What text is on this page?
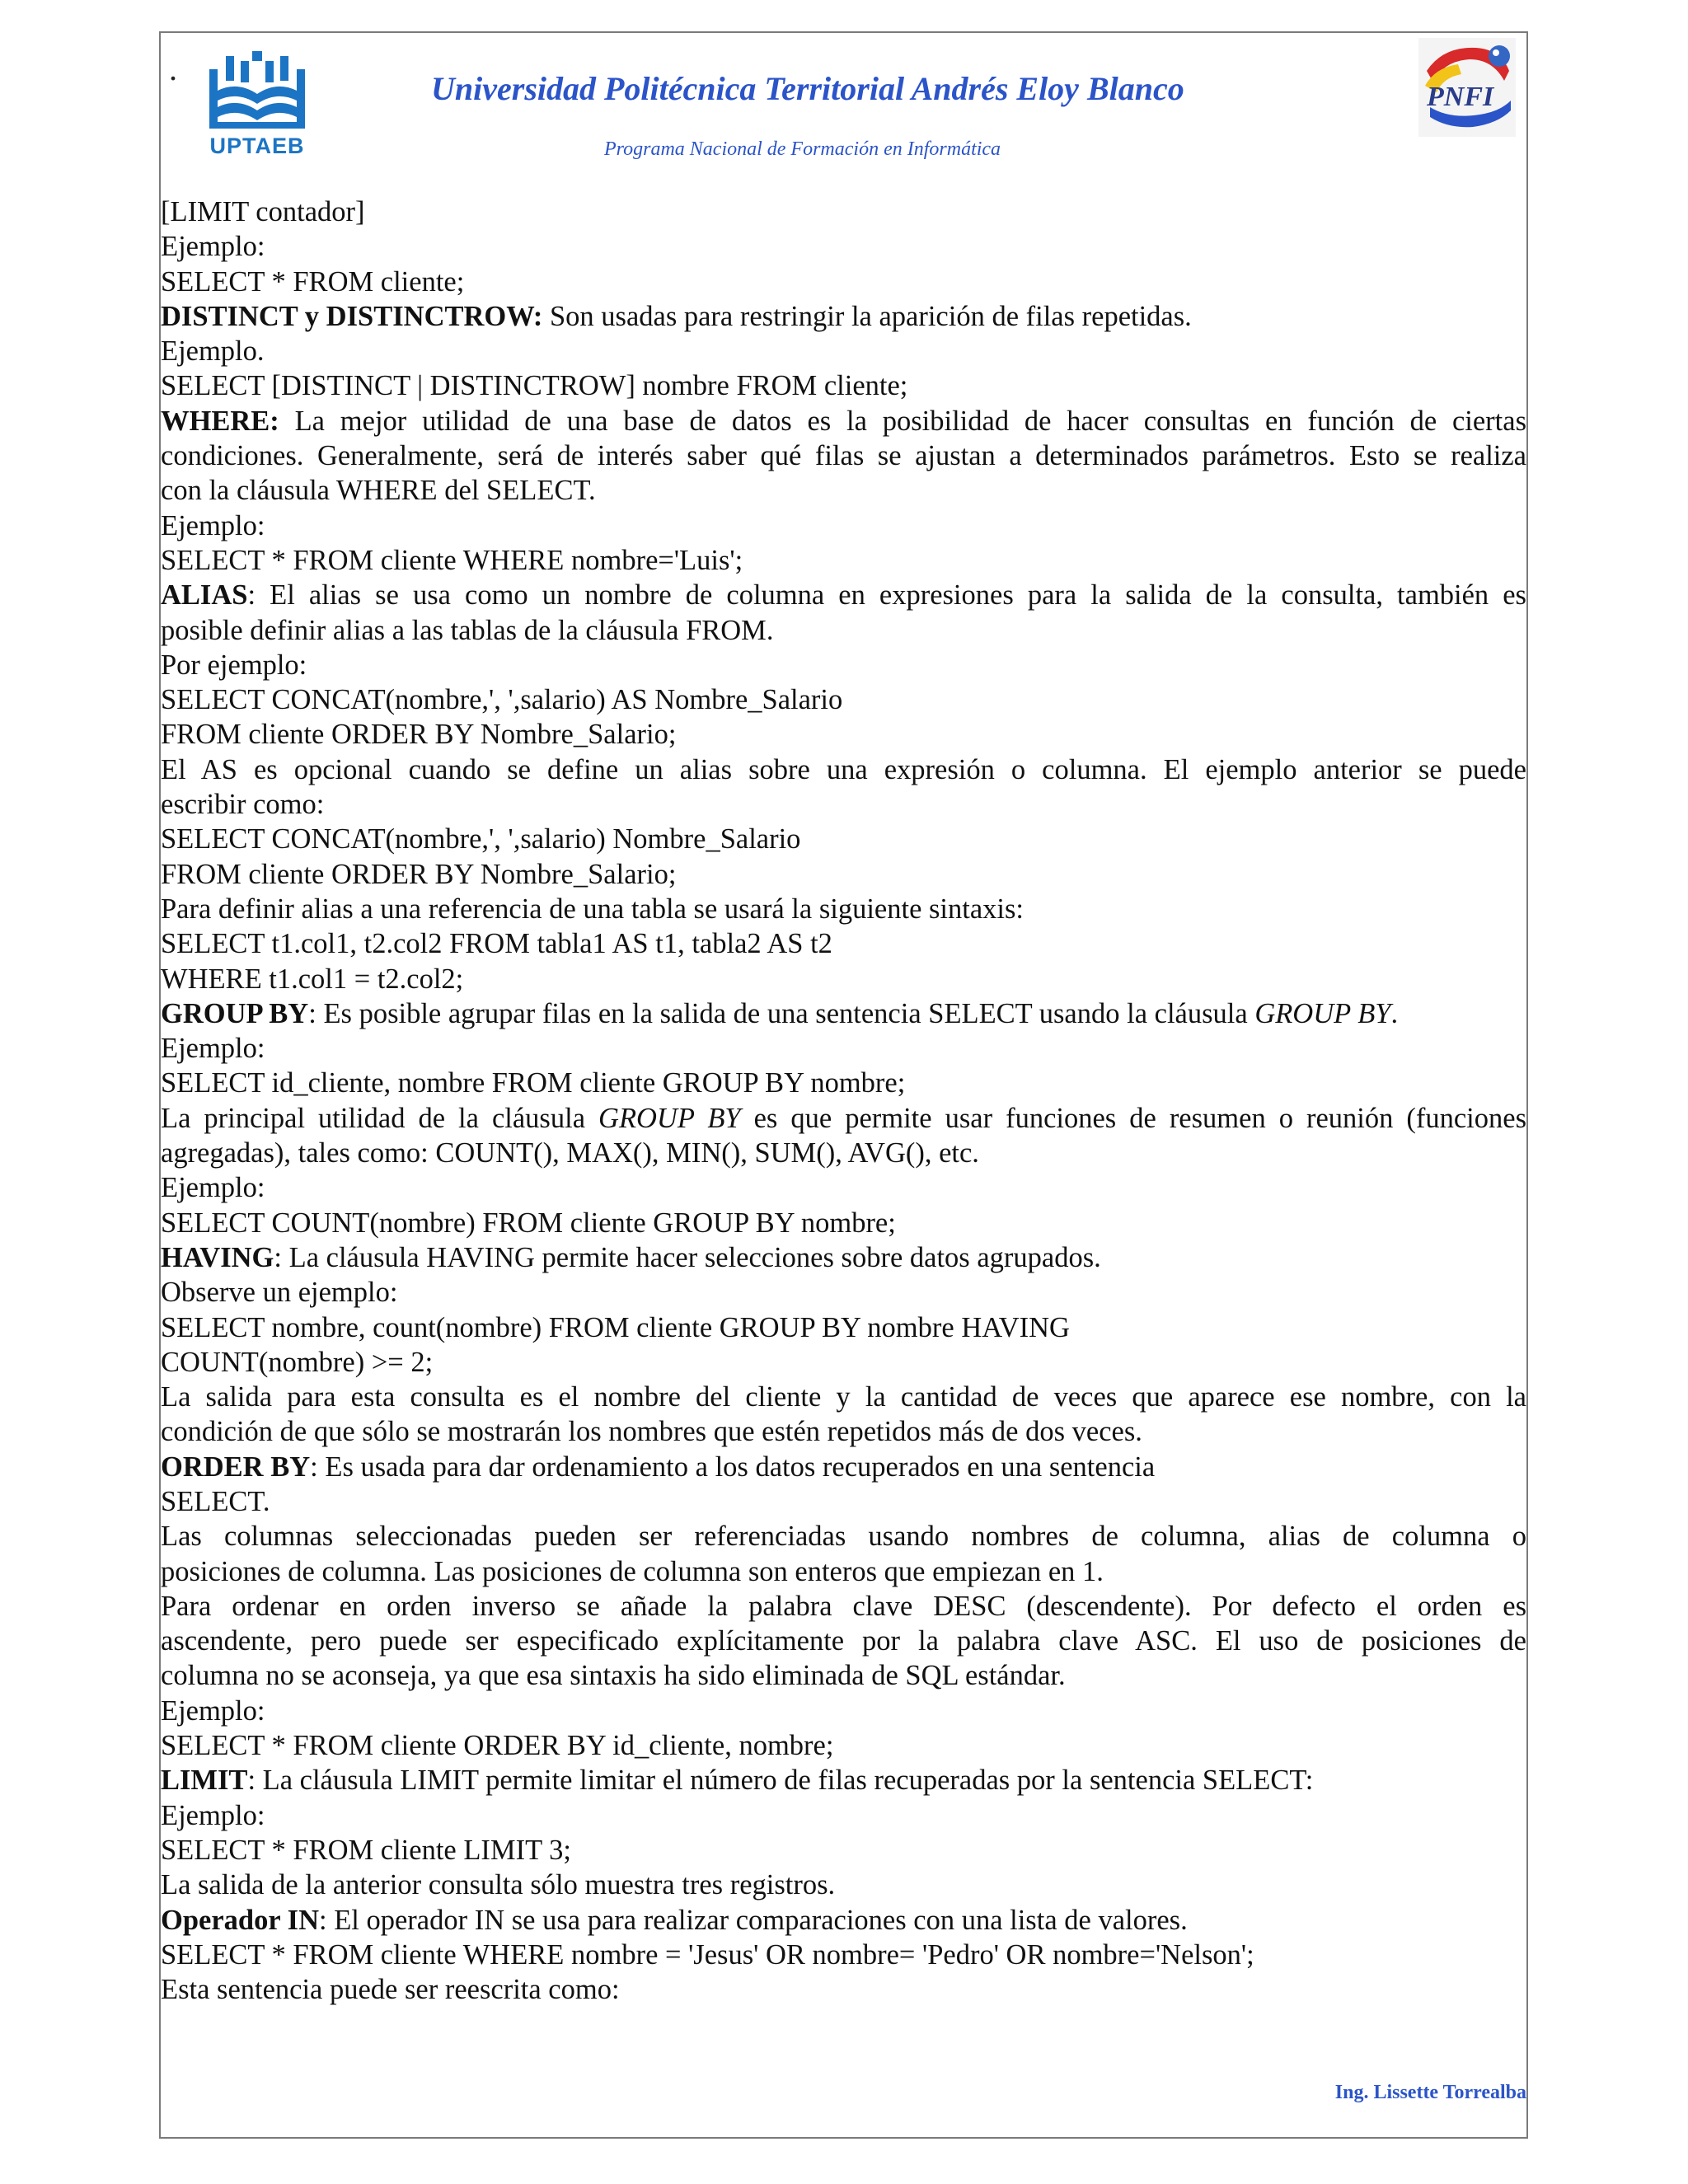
.
UPTAEB
Universidad Politécnica Territorial Andrés Eloy Blanco
Programa Nacional de Formación en Informática
PNFI
[LIMIT contador]
Ejemplo:
SELECT * FROM cliente;
DISTINCT y DISTINCTROW: Son usadas para restringir la aparición de filas repetidas.
Ejemplo.
SELECT [DISTINCT | DISTINCTROW] nombre FROM cliente;
WHERE: La mejor utilidad de una base de datos es la posibilidad de hacer consultas en función de ciertas
condiciones. Generalmente, será de interés saber qué filas se ajustan a determinados parámetros. Esto se realiza
con la cláusula WHERE del SELECT.
Ejemplo:
SELECT * FROM cliente WHERE nombre='Luis';
ALIAS: El alias se usa como un nombre de columna en expresiones para la salida de la consulta, también es
posible definir alias a las tablas de la cláusula FROM.
Por ejemplo:
SELECT CONCAT(nombre,', ',salario) AS Nombre_Salario
FROM cliente ORDER BY Nombre_Salario;
El AS es opcional cuando se define un alias sobre una expresión o columna. El ejemplo anterior se puede
escribir como:
SELECT CONCAT(nombre,', ',salario) Nombre_Salario
FROM cliente ORDER BY Nombre_Salario;
Para definir alias a una referencia de una tabla se usará la siguiente sintaxis:
SELECT t1.col1, t2.col2 FROM tabla1 AS t1, tabla2 AS t2
WHERE t1.col1 = t2.col2;
GROUP BY: Es posible agrupar filas en la salida de una sentencia SELECT usando la cláusula GROUP BY.
Ejemplo:
SELECT id_cliente, nombre FROM cliente GROUP BY nombre;
La principal utilidad de la cláusula GROUP BY es que permite usar funciones de resumen o reunión (funciones
agregadas), tales como: COUNT(), MAX(), MIN(), SUM(), AVG(), etc.
Ejemplo:
SELECT COUNT(nombre) FROM cliente GROUP BY nombre;
HAVING: La cláusula HAVING permite hacer selecciones sobre datos agrupados.
Observe un ejemplo:
SELECT nombre, count(nombre) FROM cliente GROUP BY nombre HAVING
COUNT(nombre) >= 2;
La salida para esta consulta es el nombre del cliente y la cantidad de veces que aparece ese nombre, con la
condición de que sólo se mostrarán los nombres que estén repetidos más de dos veces.
ORDER BY: Es usada para dar ordenamiento a los datos recuperados en una sentencia
SELECT.
Las columnas seleccionadas pueden ser referenciadas usando nombres de columna, alias de columna o
posiciones de columna. Las posiciones de columna son enteros que empiezan en 1.
Para ordenar en orden inverso se añade la palabra clave DESC (descendente). Por defecto el orden es
ascendente, pero puede ser especificado explícitamente por la palabra clave ASC. El uso de posiciones de
columna no se aconseja, ya que esa sintaxis ha sido eliminada de SQL estándar.
Ejemplo:
SELECT * FROM cliente ORDER BY id_cliente, nombre;
LIMIT: La cláusula LIMIT permite limitar el número de filas recuperadas por la sentencia SELECT:
Ejemplo:
SELECT * FROM cliente LIMIT 3;
La salida de la anterior consulta sólo muestra tres registros.
Operador IN: El operador IN se usa para realizar comparaciones con una lista de valores.
SELECT * FROM cliente WHERE nombre = 'Jesus' OR nombre= 'Pedro' OR nombre='Nelson';
Esta sentencia puede ser reescrita como:
Ing. Lissette Torrealba
